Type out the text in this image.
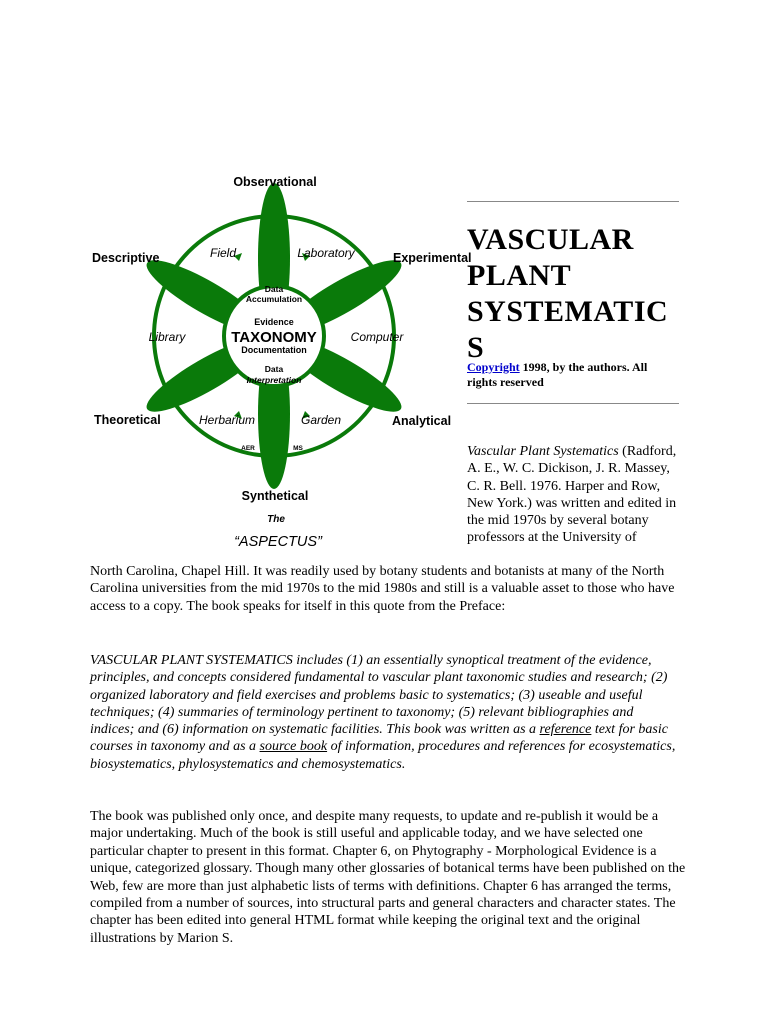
Observational
Descriptive	Experimental
Theoretical	Analytical
Synthetical
Field	Laboratory
Library	Computer
Herbarium	Garden
Data
Accumulation
Evidence
TAXONOMY
Documentation
Data
Interpretation
AER	MS
The
“ASPECTUS”
VASCULAR
PLANT
SYSTEMATIC
S
Copyright 1998, by the authors. All rights reserved
Vascular Plant Systematics (Radford, A. E., W. C. Dickison, J. R. Massey, C. R. Bell. 1976. Harper and Row, New York.) was written and edited in the mid 1970s by several botany professors at the University of
North Carolina, Chapel Hill. It was readily used by botany students and botanists at many of the North Carolina universities from the mid 1970s to the mid 1980s and still is a valuable asset to those who have access to a copy. The book speaks for itself in this quote from the Preface:
VASCULAR PLANT SYSTEMATICS includes (1) an essentially synoptical treatment of the evidence, principles, and concepts considered fundamental to vascular plant taxonomic studies and research; (2) organized laboratory and field exercises and problems basic to systematics; (3) useable and useful techniques; (4) summaries of terminology pertinent to taxonomy; (5) relevant bibliographies and indices; and (6) information on systematic facilities. This book was written as a reference text for basic courses in taxonomy and as a source book of information, procedures and references for ecosystematics, biosystematics, phylosystematics and chemosystematics.
The book was published only once, and despite many requests, to update and re-publish it would be a major undertaking. Much of the book is still useful and applicable today, and we have selected one particular chapter to present in this format. Chapter 6, on Phytography - Morphological Evidence is a unique, categorized glossary. Though many other glossaries of botanical terms have been published on the Web, few are more than just alphabetic lists of terms with definitions. Chapter 6 has arranged the terms, compiled from a number of sources, into structural parts and general characters and character states. The chapter has been edited into general HTML format while keeping the original text and the original illustrations by Marion S.
